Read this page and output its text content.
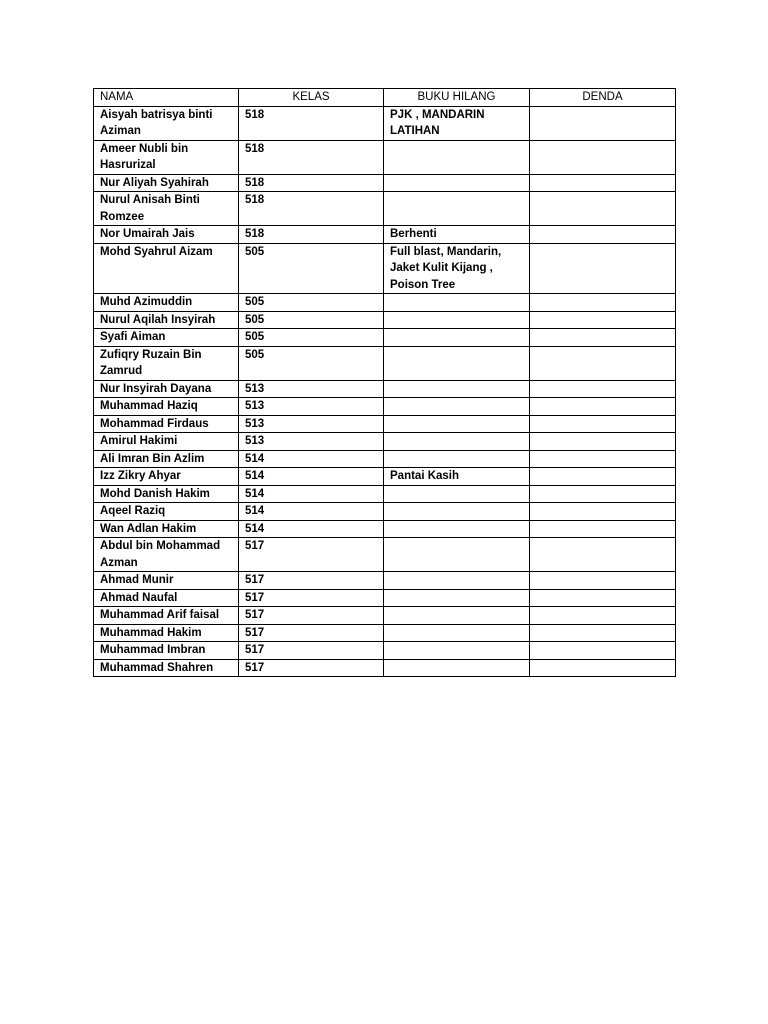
NAMA	KELAS	BUKU HILANG	DENDA
Aisyah batrisya binti Aziman	518	PJK , MANDARIN LATIHAN	
Ameer Nubli bin Hasrurizal	518		
Nur Aliyah Syahirah	518		
Nurul Anisah Binti Romzee	518		
Nor Umairah Jais	518	Berhenti	
Mohd Syahrul Aizam	505	Full blast, Mandarin, Jaket Kulit Kijang , Poison Tree	
Muhd Azimuddin	505		
Nurul Aqilah Insyirah	505		
Syafi Aiman	505		
Zufiqry Ruzain Bin Zamrud	505		
Nur Insyirah Dayana	513		
Muhammad Haziq	513		
Mohammad Firdaus	513		
Amirul Hakimi	513		
Ali Imran Bin Azlim	514		
Izz Zikry Ahyar	514	Pantai Kasih	
Mohd Danish Hakim	514		
Aqeel Raziq	514		
Wan Adlan Hakim	514		
Abdul bin Mohammad Azman	517		
Ahmad Munir	517		
Ahmad Naufal	517		
Muhammad Arif faisal	517		
Muhammad Hakim	517		
Muhammad Imbran	517		
Muhammad Shahren	517		
